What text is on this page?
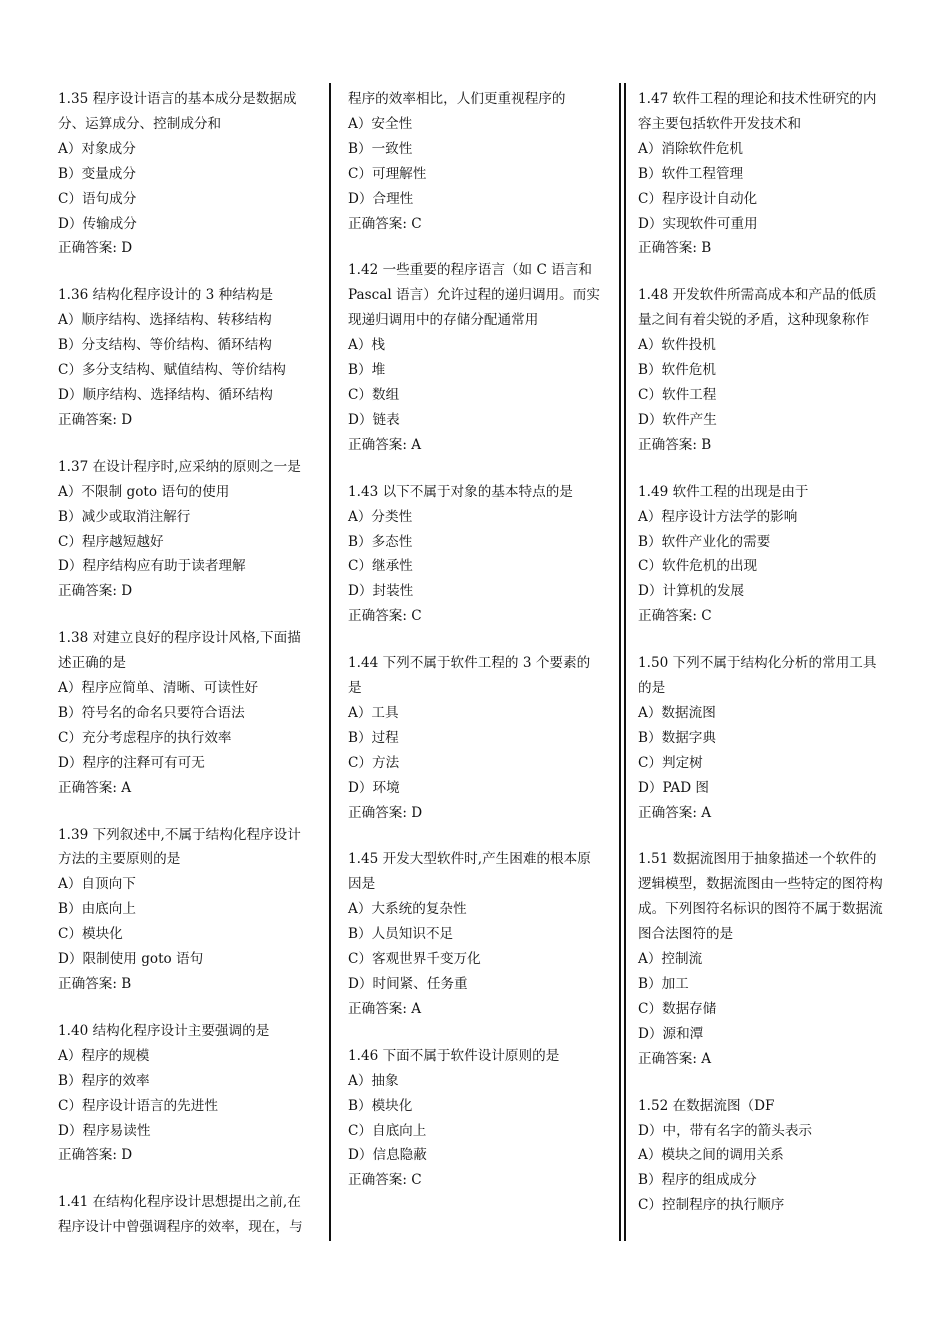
1.35 程序设计语言的基本成分是数据成

分、运算成分、控制成分和

A）对象成分

B）变量成分

C）语句成分

D）传输成分

正确答案: D

1.36 结构化程序设计的 3 种结构是

A）顺序结构、选择结构、转移结构

B）分支结构、等价结构、循环结构

C）多分支结构、赋值结构、等价结构

D）顺序结构、选择结构、循环结构

正确答案: D

1.37 在设计程序时,应采纳的原则之一是

A）不限制 goto 语句的使用

B）减少或取消注解行

C）程序越短越好

D）程序结构应有助于读者理解

正确答案: D

1.38 对建立良好的程序设计风格,下面描

述正确的是

A）程序应简单、清晰、可读性好

B）符号名的命名只要符合语法

C）充分考虑程序的执行效率

D）程序的注释可有可无

正确答案: A

1.39 下列叙述中,不属于结构化程序设计

方法的主要原则的是

A）自顶向下

B）由底向上

C）模块化

D）限制使用 goto 语句

正确答案: B

1.40 结构化程序设计主要强调的是

A）程序的规模

B）程序的效率

C）程序设计语言的先进性

D）程序易读性

正确答案: D

1.41 在结构化程序设计思想提出之前,在

程序设计中曾强调程序的效率，现在，与

程序的效率相比，人们更重视程序的

A）安全性

B）一致性

C）可理解性

D）合理性

正确答案: C

1.42 一些重要的程序语言（如 C 语言和

Pascal 语言）允许过程的递归调用。而实

现递归调用中的存储分配通常用

A）栈

B）堆

C）数组

D）链表

正确答案: A

1.43 以下不属于对象的基本特点的是

A）分类性

B）多态性

C）继承性

D）封装性

正确答案: C

1.44 下列不属于软件工程的 3 个要素的

是

A）工具

B）过程

C）方法

D）环境

正确答案: D

1.45 开发大型软件时,产生困难的根本原

因是

A）大系统的复杂性

B）人员知识不足

C）客观世界千变万化

D）时间紧、任务重

正确答案: A

1.46 下面不属于软件设计原则的是

A）抽象

B）模块化

C）自底向上

D）信息隐蔽

正确答案: C

1.47 软件工程的理论和技术性研究的内

容主要包括软件开发技术和

A）消除软件危机

B）软件工程管理

C）程序设计自动化

D）实现软件可重用

正确答案: B

1.48 开发软件所需高成本和产品的低质

量之间有着尖锐的矛盾，这种现象称作

A）软件投机

B）软件危机

C）软件工程

D）软件产生

正确答案: B

1.49 软件工程的出现是由于

A）程序设计方法学的影响

B）软件产业化的需要

C）软件危机的出现

D）计算机的发展

正确答案: C

1.50 下列不属于结构化分析的常用工具

的是

A）数据流图

B）数据字典

C）判定树

D）PAD 图

正确答案: A

1.51 数据流图用于抽象描述一个软件的

逻辑模型，数据流图由一些特定的图符构

成。下列图符名标识的图符不属于数据流

图合法图符的是

A）控制流

B）加工

C）数据存储

D）源和潭

正确答案: A

1.52 在数据流图（DF

D）中，带有名字的箭头表示

A）模块之间的调用关系

B）程序的组成成分

C）控制程序的执行顺序
